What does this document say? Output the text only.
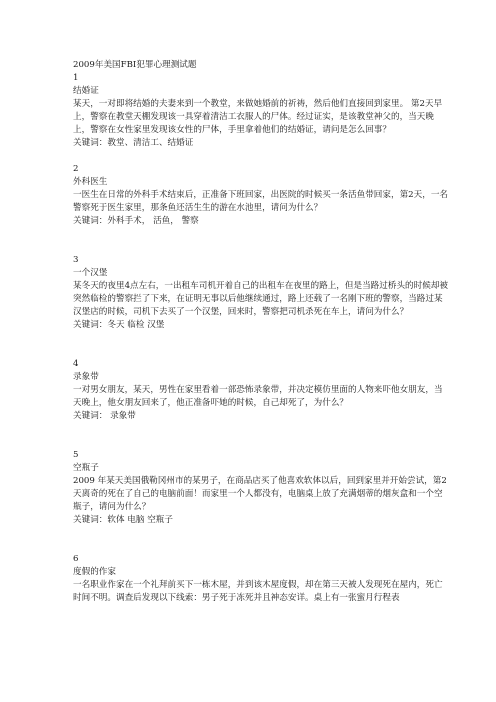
2009年美国FBI犯罪心理测试题

1

结婚证

某天，一对即将结婚的夫妻来到一个教堂，来做她婚前的祈祷，然后他们直接回到家里。 第2天早上，警察在教堂天棚发现该一具穿着清洁工衣服人的尸体。经过证实，是该教堂神父的，当天晚上，警察在女性家里发现该女性的尸体，手里拿着他们的结婚证，请问是怎么回事？

关键词：教堂、清洁工、结婚证

2

外科医生

一医生在日常的外科手术结束后，正准备下班回家，出医院的时候买一条活鱼带回家，第2天，一名警察死于医生家里，那条鱼还活生生的游在水池里，请问为什么？

关键词：外科手术， 活鱼， 警察

3

一个汉堡

某冬天的夜里4点左右，一出租车司机开着自己的出租车在夜里的路上，但是当路过桥头的时候却被突然临检的警察拦了下来，在证明无事以后他继续通过，路上还载了一名刚下班的警察，当路过某汉堡店的时候，司机下去买了一个汉堡，回来时，警察把司机杀死在车上，请问为什么？

关键词：冬天 临检 汉堡

4

录象带

一对男女朋友，某天，男性在家里看着一部恐怖录象带，并决定模仿里面的人物来吓他女朋友，当天晚上，他女朋友回来了，他正准备吓她的时候，自己却死了，为什么？

关键词： 录象带

5

空瓶子

2009 年某天美国俄勒冈州市的某男子，在商品店买了他喜欢软体以后，回到家里并开始尝试，第2天离奇的死在了自己的电脑前面！而家里一个人都没有，电脑桌上放了充满烟蒂的烟灰盒和一个空瓶子，请问为什么？

关键词：软体 电脑 空瓶子

6

度假的作家

一名职业作家在一个礼拜前买下一栋木屋，并到该木屋度假，却在第三天被人发现死在屋内，死亡时间不明。调查后发现以下线索：男子死于冻死并且神态安详。桌上有一张蜜月行程表
